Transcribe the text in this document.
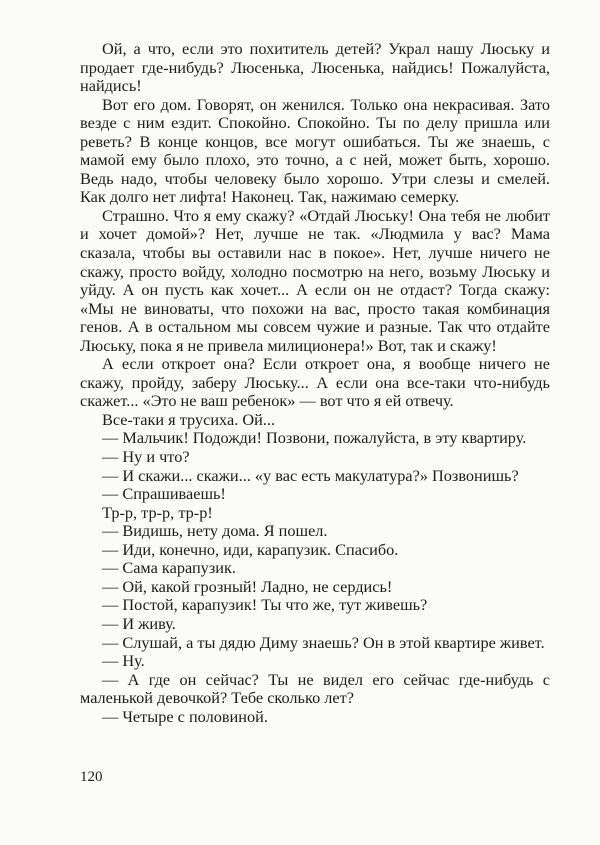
Ой, а что, если это похититель детей? Украл нашу Люську и продает где-нибудь? Люсенька, Люсенька, найдись! Пожалуйста, найдись!

Вот его дом. Говорят, он женился. Только она некрасивая. Зато везде с ним ездит. Спокойно. Спокойно. Ты по делу пришла или реветь? В конце концов, все могут ошибаться. Ты же знаешь, с мамой ему было плохо, это точно, а с ней, может быть, хорошо. Ведь надо, чтобы человеку было хорошо. Утри слезы и смелей. Как долго нет лифта! Наконец. Так, нажимаю семерку.

Страшно. Что я ему скажу? «Отдай Люську! Она тебя не любит и хочет домой»? Нет, лучше не так. «Людмила у вас? Мама сказала, чтобы вы оставили нас в покое». Нет, лучше ничего не скажу, просто войду, холодно посмотрю на него, возьму Люську и уйду. А он пусть как хочет... А если он не отдаст? Тогда скажу: «Мы не виноваты, что похожи на вас, просто такая комбинация генов. А в остальном мы совсем чужие и разные. Так что отдайте Люську, пока я не привела милиционера!» Вот, так и скажу!

А если откроет она? Если откроет она, я вообще ничего не скажу, пройду, заберу Люську... А если она все-таки что-нибудь скажет... «Это не ваш ребенок» — вот что я ей отвечу.

Все-таки я трусиха. Ой...

— Мальчик! Подожди! Позвони, пожалуйста, в эту квартиру.

— Ну и что?

— И скажи... скажи... «у вас есть макулатура?» Позвонишь?

— Спрашиваешь!

Тр-р, тр-р, тр-р!

— Видишь, нету дома. Я пошел.

— Иди, конечно, иди, карапузик. Спасибо.

— Сама карапузик.

— Ой, какой грозный! Ладно, не сердись!

— Постой, карапузик! Ты что же, тут живешь?

— И живу.

— Слушай, а ты дядю Диму знаешь? Он в этой квартире живет.

— Ну.

— А где он сейчас? Ты не видел его сейчас где-нибудь с маленькой девочкой? Тебе сколько лет?

— Четыре с половиной.

120
